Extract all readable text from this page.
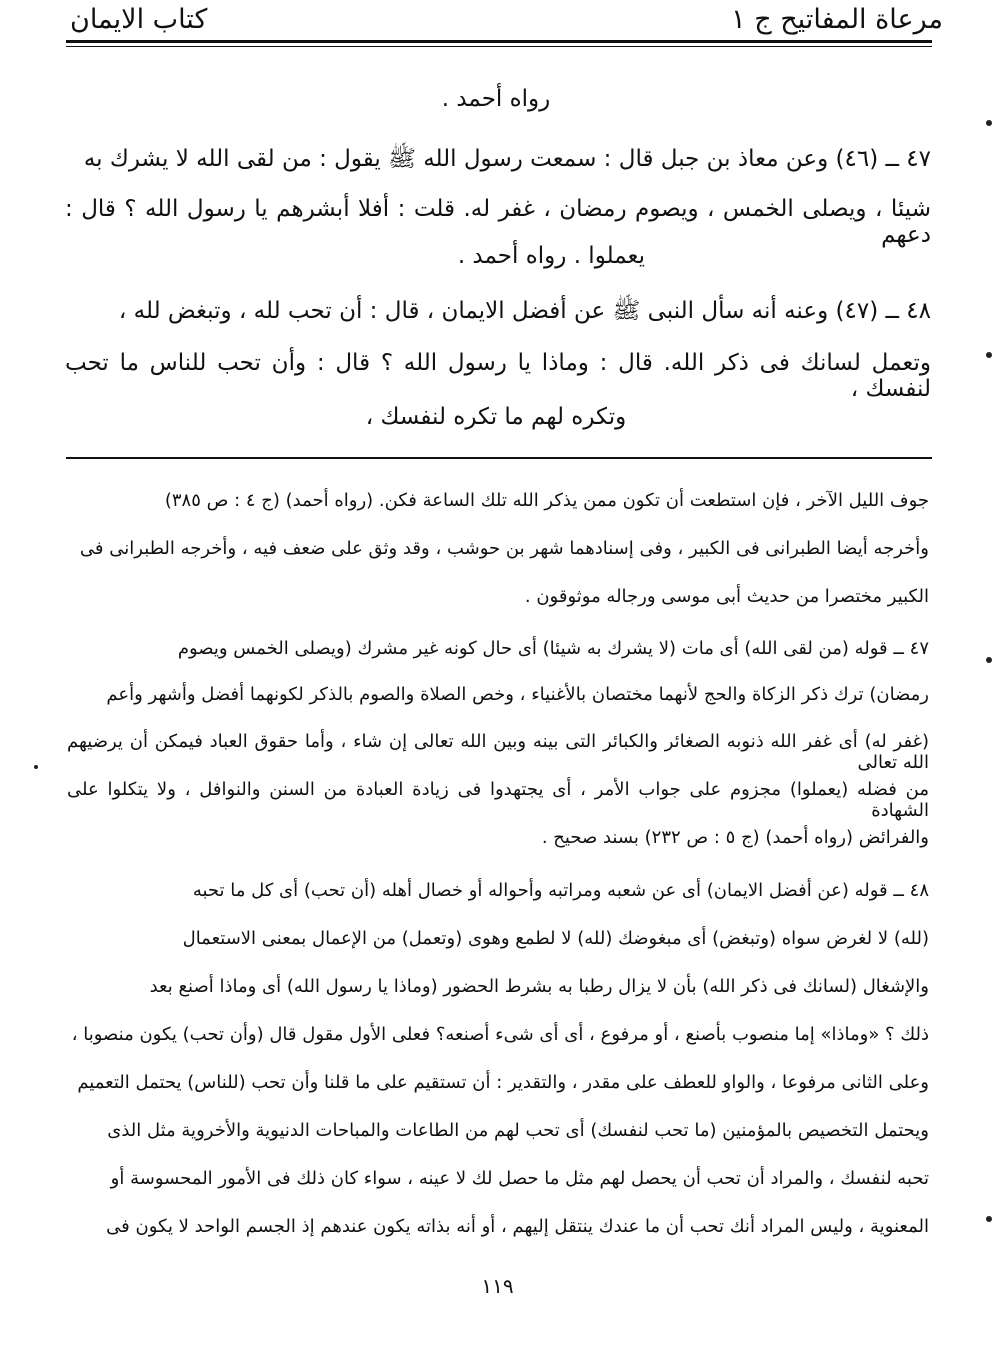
مرعاة المفاتيح ج ١
كتاب الايمان
رواه أحمد .
٤٧ ــ (٤٦) وعن معاذ بن جبل قال : سمعت رسول الله ﷺ يقول : من لقى الله لا يشرك به
شيئا ، ويصلى الخمس ، ويصوم رمضان ، غفر له. قلت : أفلا أبشرهم يا رسول الله ؟ قال : دعهم
يعملوا . رواه أحمد .
٤٨ ــ (٤٧) وعنه أنه سأل النبى ﷺ عن أفضل الايمان ، قال : أن تحب لله ، وتبغض لله ،
وتعمل لسانك فى ذكر الله. قال : وماذا يا رسول الله ؟ قال : وأن تحب للناس ما تحب لنفسك ،
وتكره لهم ما تكره لنفسك ،
جوف الليل الآخر ، فإن استطعت أن تكون ممن يذكر الله تلك الساعة فكن. (رواه أحمد) (ج ٤ : ص ٣٨٥)
وأخرجه أيضا الطبرانى فى الكبير ، وفى إسنادهما شهر بن حوشب ، وقد وثق على ضعف فيه ، وأخرجه الطبرانى فى
الكبير مختصرا من حديث أبى موسى ورجاله موثوقون .
٤٧ ــ قوله (من لقى الله) أى مات (لا يشرك به شيئا) أى حال كونه غير مشرك (ويصلى الخمس ويصوم
رمضان) ترك ذكر الزكاة والحج لأنهما مختصان بالأغنياء ، وخص الصلاة والصوم بالذكر لكونهما أفضل وأشهر وأعم
(غفر له) أى غفر الله ذنوبه الصغائر والكبائر التى بينه وبين الله تعالى إن شاء ، وأما حقوق العباد فيمكن أن يرضيهم الله تعالى
من فضله (يعملوا) مجزوم على جواب الأمر ، أى يجتهدوا فى زيادة العبادة من السنن والنوافل ، ولا يتكلوا على الشهادة
والفرائض (رواه أحمد) (ج ٥ : ص ٢٣٢) بسند صحيح .
٤٨ ــ قوله (عن أفضل الايمان) أى عن شعبه ومراتبه وأحواله أو خصال أهله (أن تحب) أى كل ما تحبه
(لله) لا لغرض سواه (وتبغض) أى مبغوضك (لله) لا لطمع وهوى (وتعمل) من الإعمال بمعنى الاستعمال
والإشغال (لسانك فى ذكر الله) بأن لا يزال رطبا به بشرط الحضور (وماذا يا رسول الله) أى وماذا أصنع بعد
ذلك ؟ «وماذا» إما منصوب بأصنع ، أو مرفوع ، أى أى شىء أصنعه؟ فعلى الأول مقول قال (وأن تحب) يكون منصوبا ،
وعلى الثانى مرفوعا ، والواو للعطف على مقدر ، والتقدير : أن تستقيم على ما قلنا وأن تحب (للناس) يحتمل التعميم
ويحتمل التخصيص بالمؤمنين (ما تحب لنفسك) أى تحب لهم من الطاعات والمباحات الدنيوية والأخروية مثل الذى
تحبه لنفسك ، والمراد أن تحب أن يحصل لهم مثل ما حصل لك لا عينه ، سواء كان ذلك فى الأمور المحسوسة أو
المعنوية ، وليس المراد أنك تحب أن ما عندك ينتقل إليهم ، أو أنه بذاته يكون عندهم إذ الجسم الواحد لا يكون فى
١١٩
